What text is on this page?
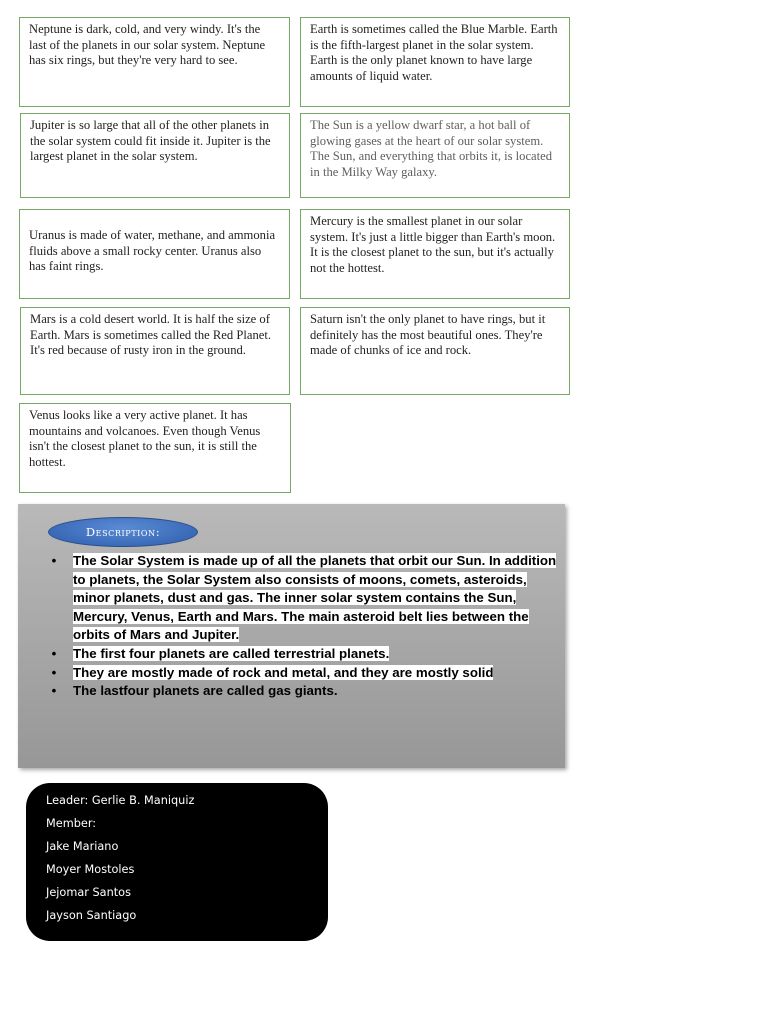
Neptune is dark, cold, and very windy. It's the last of the planets in our solar system. Neptune has six rings, but they're very hard to see.
Earth is sometimes called the Blue Marble. Earth is the fifth-largest planet in the solar system. Earth is the only planet known to have large amounts of liquid water.
Jupiter is so large that all of the other planets in the solar system could fit inside it. Jupiter is the largest planet in the solar system.
The Sun is a yellow dwarf star, a hot ball of glowing gases at the heart of our solar system. The Sun, and everything that orbits it, is located in the Milky Way galaxy.
Uranus is made of water, methane, and ammonia fluids above a small rocky center. Uranus also has faint rings.
Mercury is the smallest planet in our solar system. It's just a little bigger than Earth's moon. It is the closest planet to the sun, but it's actually not the hottest.
Mars is a cold desert world. It is half the size of Earth. Mars is sometimes called the Red Planet. It's red because of rusty iron in the ground.
Saturn isn't the only planet to have rings, but it definitely has the most beautiful ones. They're made of chunks of ice and rock.
Venus looks like a very active planet. It has mountains and volcanoes. Even though Venus isn't the closest planet to the sun, it is still the hottest.
Description:
• The Solar System is made up of all the planets that orbit our Sun. In addition to planets, the Solar System also consists of moons, comets, asteroids, minor planets, dust and gas. The inner solar system contains the Sun, Mercury, Venus, Earth and Mars. The main asteroid belt lies between the orbits of Mars and Jupiter.
• The first four planets are called terrestrial planets.
• They are mostly made of rock and metal, and they are mostly solid
• The lastfour planets are called gas giants.
Leader: Gerlie B. Maniquiz
Member:
Jake Mariano
Moyer Mostoles
Jejomar Santos
Jayson Santiago
